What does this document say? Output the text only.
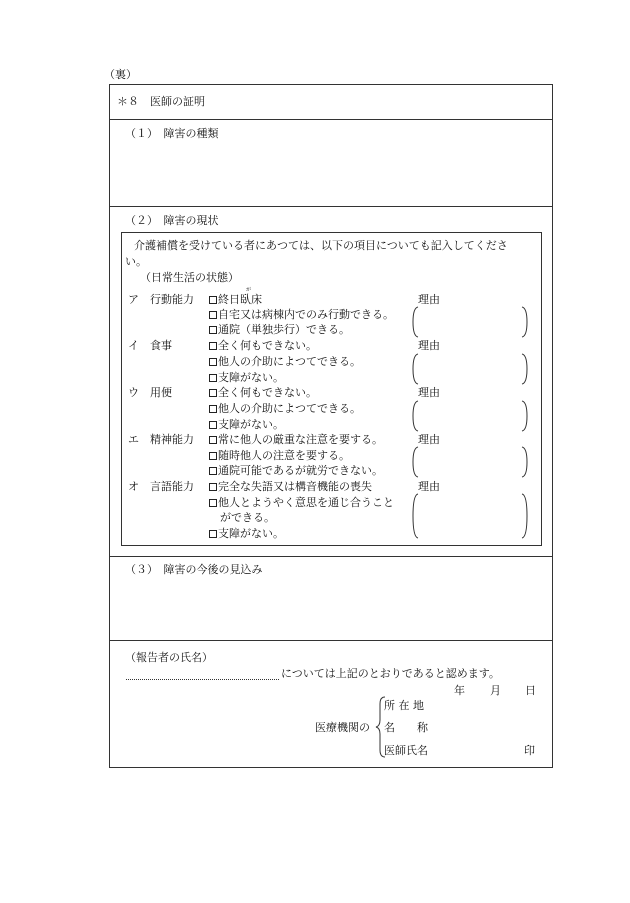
（裏）
＊８　医師の証明
（１）　障害の種類
（２）　障害の現状
介護補償を受けている者にあつては、以下の項目についても記入してくださ
い。
（日常生活の状態）
ア　行動能力	終日臥床
が
自宅又は病棟内でのみ行動できる。
通院（単独歩行）できる。
理由
イ　食事	全く何もできない。
他人の介助によつてできる。
支障がない。
理由
ウ　用便	全く何もできない。
他人の介助によつてできる。
支障がない。
理由
エ　精神能力	常に他人の厳重な注意を要する。
随時他人の注意を要する。
通院可能であるが就労できない。
理由
オ　言語能力	完全な失語又は構音機能の喪失
他人とようやく意思を通じ合うこと
ができる。
支障がない。
理由
（３）　障害の今後の見込み
（報告者の氏名）
については上記のとおりであると認めます。
年 月 日
医療機関の
所 在 地
名　　称
医師氏名	印
